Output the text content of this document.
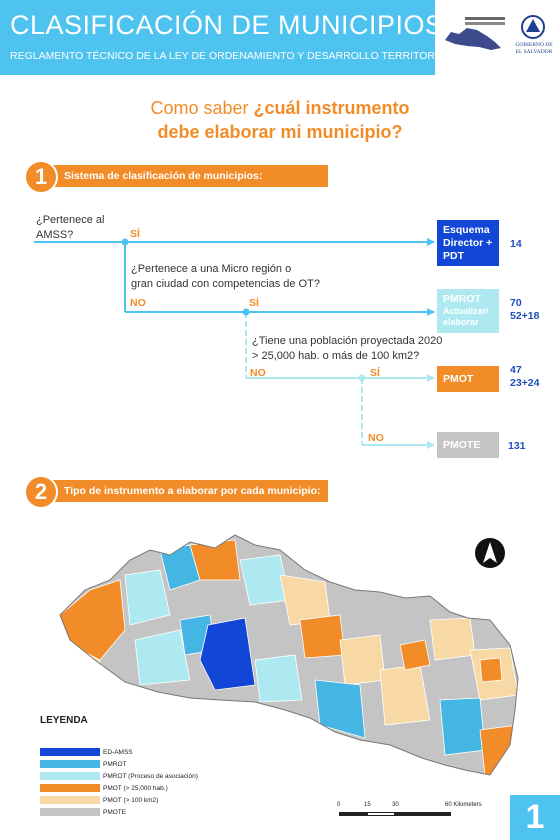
CLASIFICACIÓN DE MUNICIPIOS
REGLAMENTO TÉCNICO DE LA LEY DE ORDENAMIENTO Y DESARROLLO TERRITORIAL
GOBIERNO DE EL SALVADOR
Como saber ¿cuál instrumento
debe elaborar mi municipio?
1	Sistema de clasificación de municipios:
¿Pertenece al
AMSS?	SÍ
¿Pertenece a una Micro región o
gran ciudad con competencias de OT?
NO	SÍ
¿Tiene una población proyectada 2020
> 25,000 hab. o más de 100 km2?
NO	SÍ
NO
Esquema
Director +
PDT
14
PMROT
Actualizar/
elaborar
70
52+18
PMOT
47
23+24
PMOTE	131
2	Tipo de instrumento a elaborar por cada municipio:
LEYENDA
ED-AMSS
PMROT
PMROT (Proceso de asociación)
PMOT (> 25,000 hab.)
PMOT (> 100 km2)
PMOTE
0	15	30	60 Kilometers	1
